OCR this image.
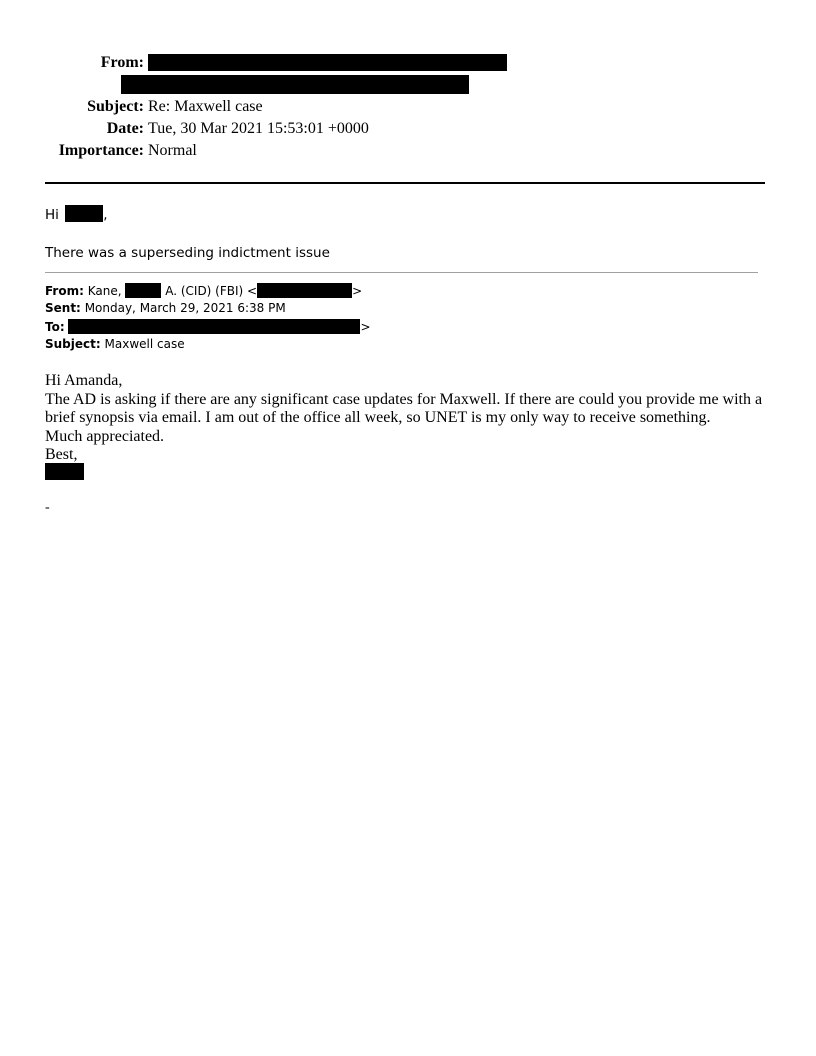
From:
Subject: Re: Maxwell case
Date: Tue, 30 Mar 2021 15:53:01 +0000
Importance: Normal
Hi	,
There was a superseding indictment issue
From: Kane,	A. (CID) (FBI) <	>
Sent: Monday, March 29, 2021 6:38 PM
To:	>
Subject: Maxwell case

Hi Amanda,

The AD is asking if there are any significant case updates for Maxwell. If there are could you provide me with a brief synopsis via email. I am out of the office all week, so UNET is my only way to receive something.

Much appreciated.

Best,

-
